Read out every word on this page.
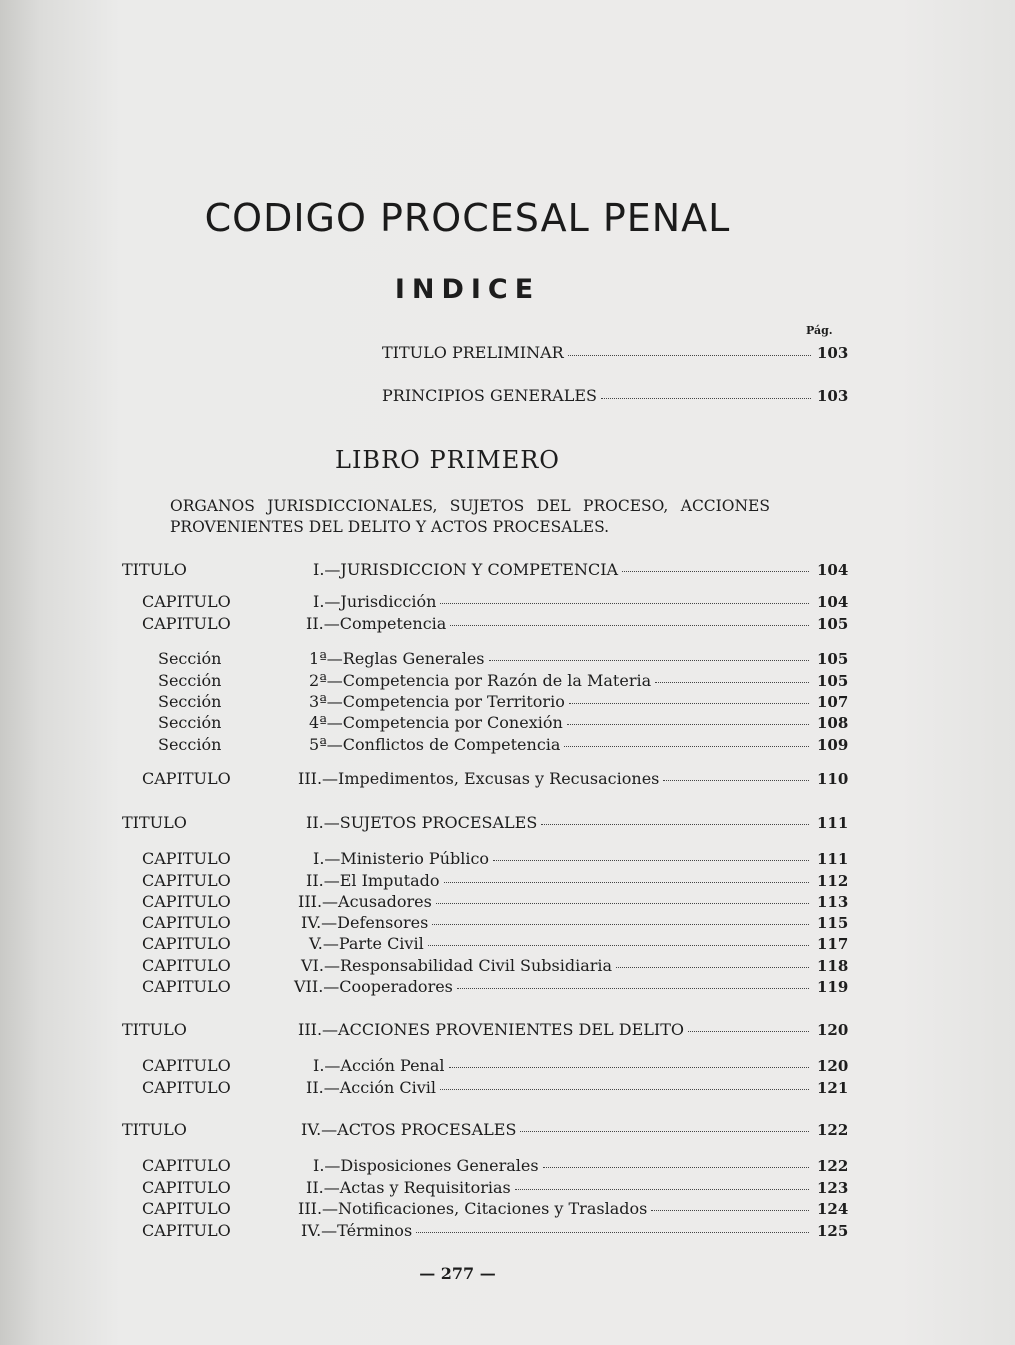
CODIGO PROCESAL PENAL
INDICE
Pág.
TITULO PRELIMINAR	103
PRINCIPIOS GENERALES	103
LIBRO PRIMERO
ORGANOS JURISDICCIONALES, SUJETOS DEL PROCESO, ACCIONES PROVENIENTES DEL DELITO Y ACTOS PROCESALES.
TITULO	I.—JURISDICCION Y COMPETENCIA	104
CAPITULO	I.—Jurisdicción	104
CAPITULO	II.—Competencia	105
Sección	1ª—Reglas Generales	105
Sección	2ª—Competencia por Razón de la Materia	105
Sección	3ª—Competencia por Territorio	107
Sección	4ª—Competencia por Conexión	108
Sección	5ª—Conflictos de Competencia	109
CAPITULO	III.—Impedimentos, Excusas y Recusaciones	110
TITULO	II.—SUJETOS PROCESALES	111
CAPITULO	I.—Ministerio Público	111
CAPITULO	II.—El Imputado	112
CAPITULO	III.—Acusadores	113
CAPITULO	IV.—Defensores	115
CAPITULO	V.—Parte Civil	117
CAPITULO	VI.—Responsabilidad Civil Subsidiaria	118
CAPITULO	VII.—Cooperadores	119
TITULO	III.—ACCIONES PROVENIENTES DEL DELITO	120
CAPITULO	I.—Acción Penal	120
CAPITULO	II.—Acción Civil	121
TITULO	IV.—ACTOS PROCESALES	122
CAPITULO	I.—Disposiciones Generales	122
CAPITULO	II.—Actas y Requisitorias	123
CAPITULO	III.—Notificaciones, Citaciones y Traslados	124
CAPITULO	IV.—Términos	125
— 277 —
